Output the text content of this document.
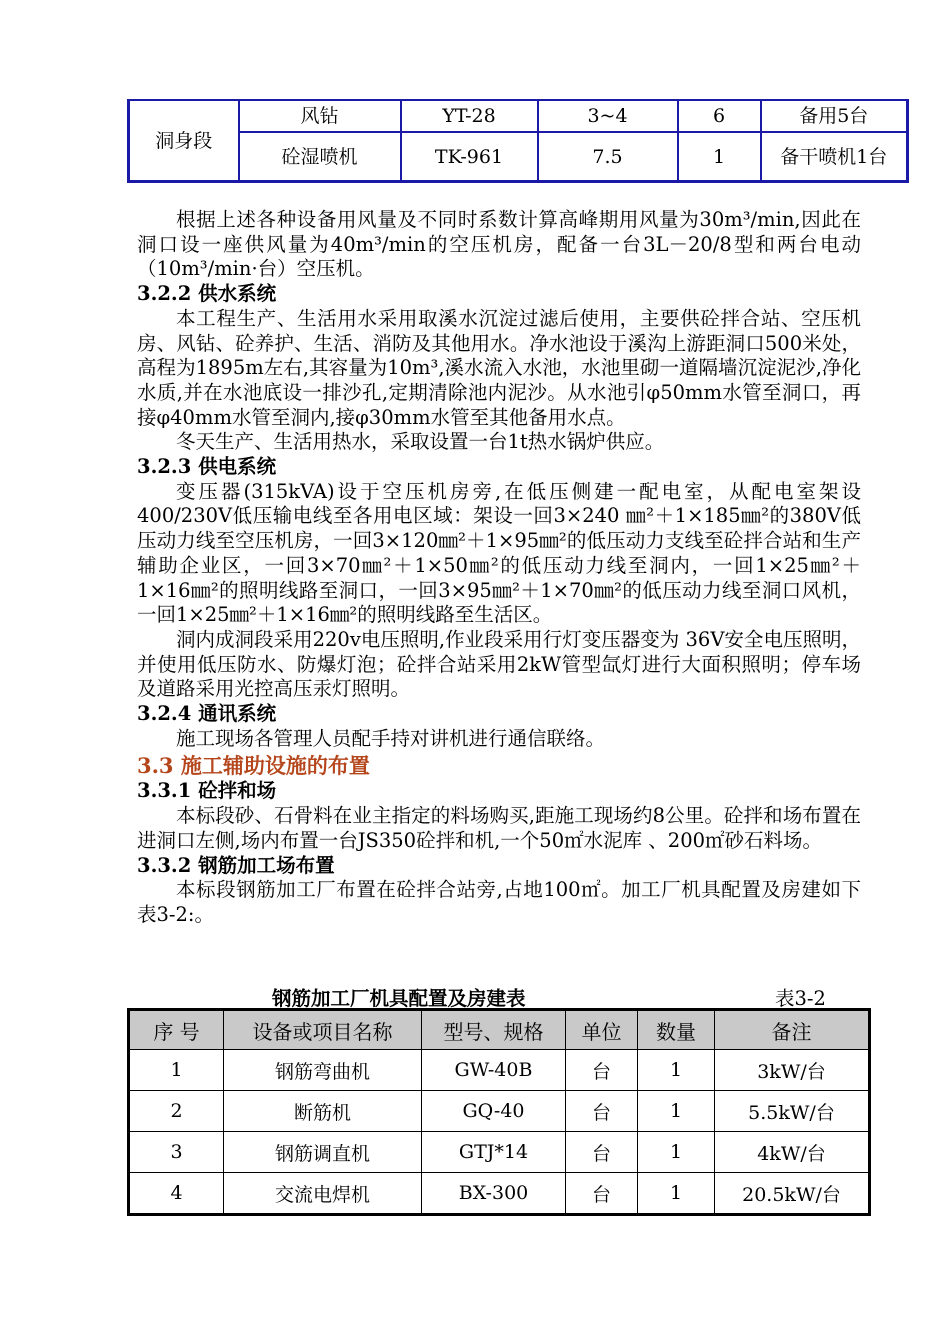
洞身段	风钻	YT-28	3~4	6	备用5台
	砼湿喷机	TK-961	7.5	1	备干喷机1台

根据上述各种设备用风量及不同时系数计算高峰期用风量为30m³/min,因此在洞口设一座供风量为40m³/min的空压机房，配备一台3L－20/8型和两台电动（10m³/min·台）空压机。

3.2.2 供水系统

本工程生产、生活用水采用取溪水沉淀过滤后使用，主要供砼拌合站、空压机房、风钻、砼养护、生活、消防及其他用水。净水池设于溪沟上游距洞口500米处，高程为1895m左右,其容量为10m³,溪水流入水池，水池里砌一道隔墙沉淀泥沙,净化水质,并在水池底设一排沙孔,定期清除池内泥沙。从水池引φ50mm水管至洞口，再接φ40mm水管至洞内,接φ30mm水管至其他备用水点。

冬天生产、生活用热水，采取设置一台1t热水锅炉供应。

3.2.3 供电系统

变压器(315kVA)设于空压机房旁,在低压侧建一配电室，从配电室架设400/230V低压输电线至各用电区域：架设一回3×240 ㎜²＋1×185㎜²的380V低压动力线至空压机房，一回3×120㎜²＋1×95㎜²的低压动力支线至砼拌合站和生产辅助企业区，一回3×70㎜²＋1×50㎜²的低压动力线至洞内，一回1×25㎜²＋1×16㎜²的照明线路至洞口，一回3×95㎜²＋1×70㎜²的低压动力线至洞口风机，一回1×25㎜²＋1×16㎜²的照明线路至生活区。

洞内成洞段采用220v电压照明,作业段采用行灯变压器变为 36V安全电压照明，并使用低压防水、防爆灯泡；砼拌合站采用2kW管型氙灯进行大面积照明；停车场及道路采用光控高压汞灯照明。

3.2.4 通讯系统

施工现场各管理人员配手持对讲机进行通信联络。

3.3 施工辅助设施的布置

3.3.1 砼拌和场

本标段砂、石骨料在业主指定的料场购买,距施工现场约8公里。砼拌和场布置在进洞口左侧,场内布置一台JS350砼拌和机,一个50㎡水泥库 、200㎡砂石料场。

3.3.2 钢筋加工场布置

本标段钢筋加工厂布置在砼拌合站旁,占地100㎡。加工厂机具配置及房建如下表3-2:。

钢筋加工厂机具配置及房建表	表3-2
序 号	设备或项目名称	型号、规格	单位	数量	备注
1	钢筋弯曲机	GW-40B	台	1	3kW/台
2	断筋机	GQ-40	台	1	5.5kW/台
3	钢筋调直机	GTJ*14	台	1	4kW/台
4	交流电焊机	BX-300	台	1	20.5kW/台
